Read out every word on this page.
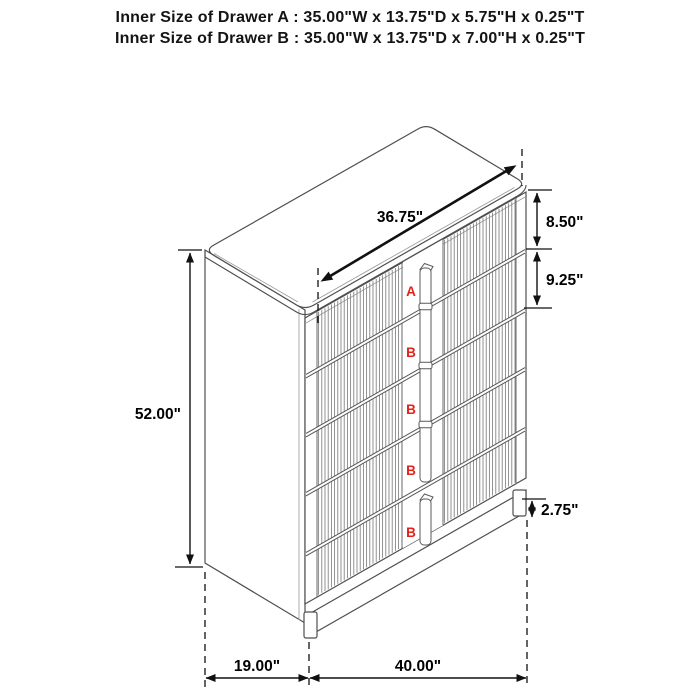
Inner Size of Drawer A : 35.00"W x 13.75"D x 5.75"H x 0.25"T
Inner Size of Drawer B : 35.00"W x 13.75"D x 7.00"H x 0.25"T
A
B
B
B
B
36.75"	8.50"
9.25"
52.00"
2.75"
19.00"	40.00"
